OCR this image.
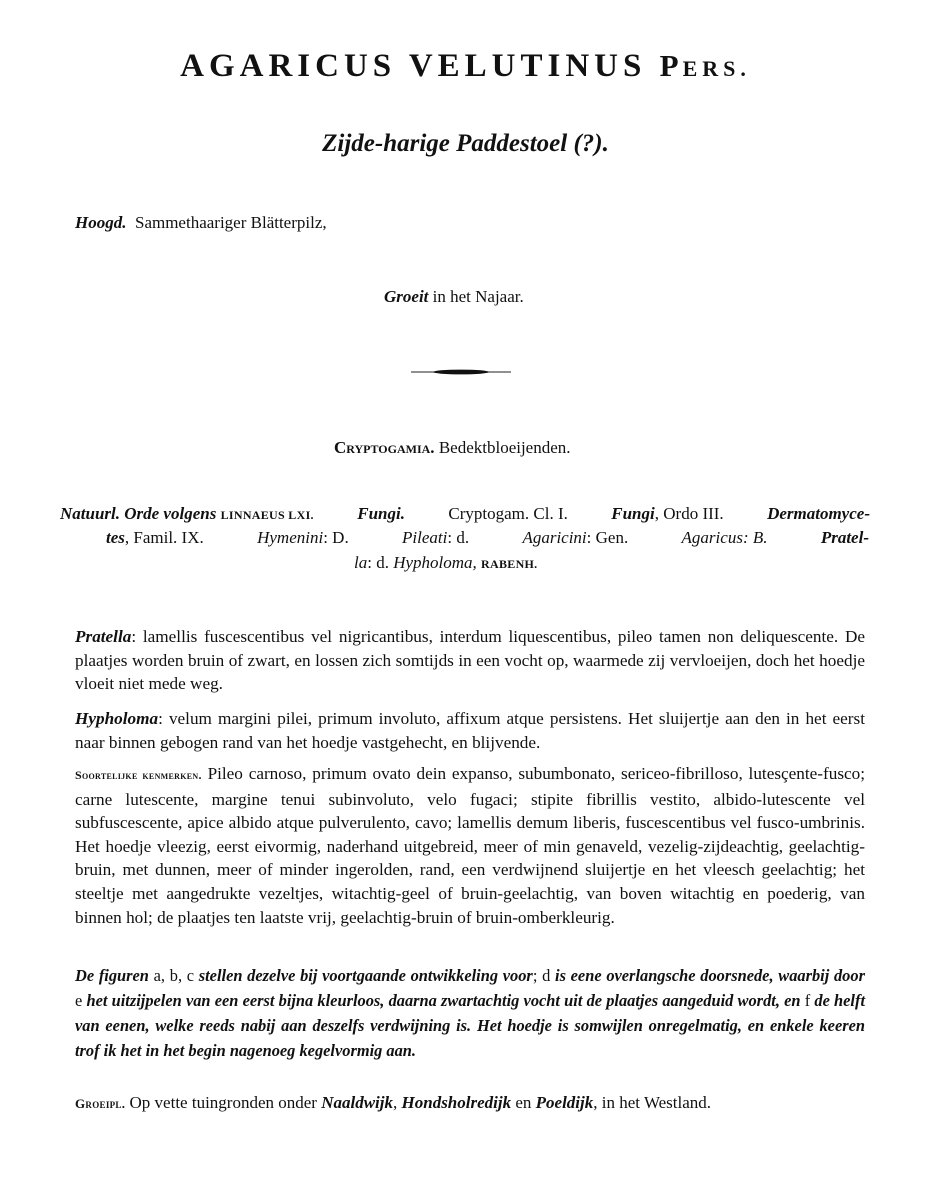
AGARICUS VELUTINUS PERS.
Zijde-harige Paddestoel (?).
Hoogd. Sammethaariger Blätterpilz,
Groeit in het Najaar.
Cryptogamia. Bedektbloeijenden.
Natuurl. Orde volgens LINNAEUS LXI.	Fungi.	Cryptogam. Cl. I.	Fungi, Ordo III.	Dermatomyce-
tes, Famil. IX.	Hymenini: D.	Pileati: d.	Agaricini: Gen.	Agaricus: B.	Pratel-
la: d. Hypholoma, RABENH.
Pratella: lamellis fuscescentibus vel nigricantibus, interdum liquescentibus, pileo tamen non deliquescente. De plaatjes worden bruin of zwart, en lossen zich somtijds in een vocht op, waarmede zij vervloeijen, doch het hoedje vloeit niet mede weg.
Hypholoma: velum margini pilei, primum involuto, affixum atque persistens. Het sluijertje aan den in het eerst naar binnen gebogen rand van het hoedje vastgehecht, en blijvende.
Soortelijke kenmerken. Pileo carnoso, primum ovato dein expanso, subumbonato, sericeo-fibrilloso, lutesçente-fusco; carne lutescente, margine tenui subinvoluto, velo fugaci; stipite fibrillis vestito, albido-lutescente vel subfuscescente, apice albido atque pulverulento, cavo; lamellis demum liberis, fuscescentibus vel fusco-umbrinis. Het hoedje vleezig, eerst eivormig, naderhand uitgebreid, meer of min genaveld, vezelig-zijdeachtig, geelachtig-bruin, met dunnen, meer of minder ingerolden, rand, een verdwijnend sluijertje en het vleesch geelachtig; het steeltje met aangedrukte vezeltjes, witachtig-geel of bruin-geelachtig, van boven witachtig en poederig, van binnen hol; de plaatjes ten laatste vrij, geelachtig-bruin of bruin-omberkleurig.
De figuren a, b, c stellen dezelve bij voortgaande ontwikkeling voor; d is eene overlangsche doorsnede, waarbij door e het uitzijpelen van een eerst bijna kleurloos, daarna zwartachtig vocht uit de plaatjes aangeduid wordt, en f de helft van eenen, welke reeds nabij aan deszelfs verdwijning is. Het hoedje is somwijlen onregelmatig, en enkele keeren trof ik het in het begin nagenoeg kegelvormig aan.
Groeipl. Op vette tuingronden onder Naaldwijk, Hondsholredijk en Poeldijk, in het Westland.
